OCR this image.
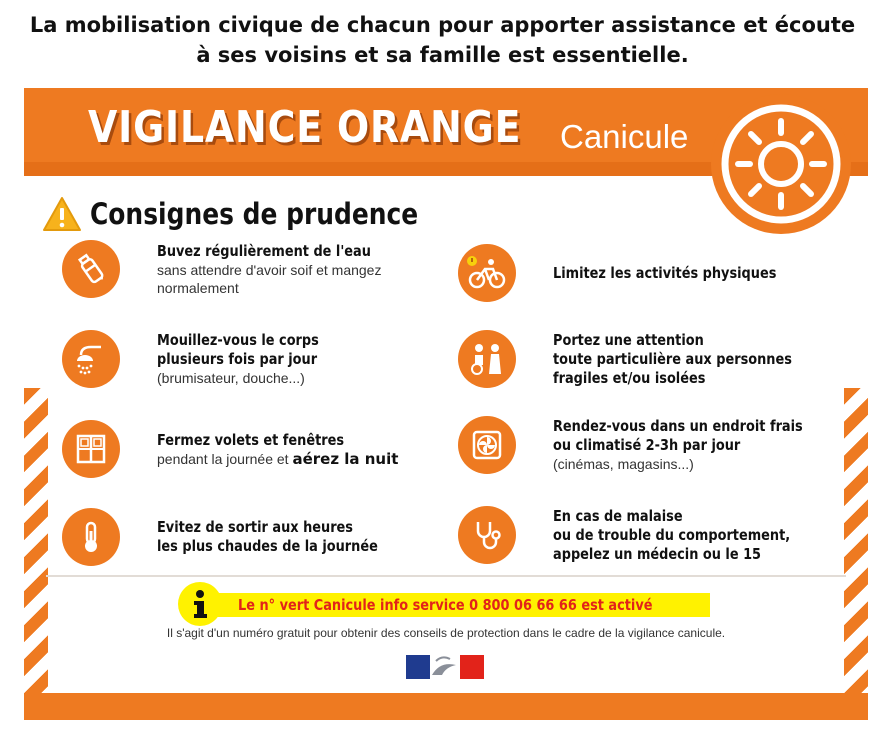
La mobilisation civique de chacun pour apporter assistance et écoute
à ses voisins et sa famille est essentielle.
VIGILANCE ORANGE Canicule
Consignes de prudence
Buvez régulièrement de l'eau
sans attendre d'avoir soif et mangez
normalement
Mouillez-vous le corps
plusieurs fois par jour
(brumisateur, douche...)
Fermez volets et fenêtres
pendant la journée et aérez la nuit
Evitez de sortir aux heures
les plus chaudes de la journée
Limitez les activités physiques
Portez une attention
toute particulière aux personnes
fragiles et/ou isolées
Rendez-vous dans un endroit frais
ou climatisé 2-3h par jour
(cinémas, magasins...)
En cas de malaise
ou de trouble du comportement,
appelez un médecin ou le 15
Le n° vert Canicule info service 0 800 06 66 66 est activé
Il s'agit d'un numéro gratuit pour obtenir des conseils de protection dans le cadre de la vigilance canicule.
